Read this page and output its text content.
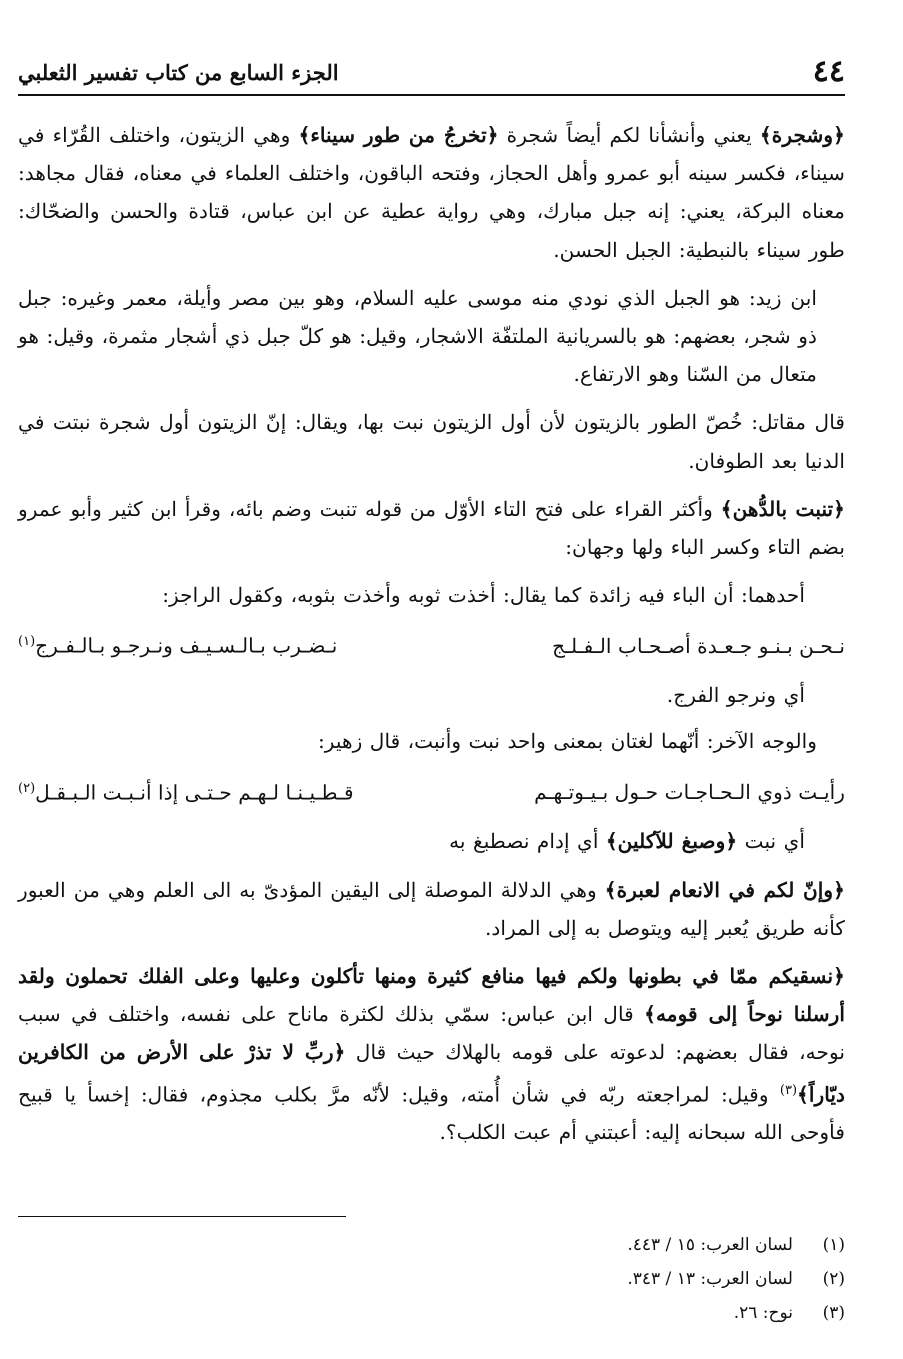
٤٤
الجزء السابع من كتاب تفسير الثعلبي

﴿وشجرة﴾ يعني وأنشأنا لكم أيضاً شجرة ﴿تخرجُ من طور سيناء﴾ وهي الزيتون، واختلف القُرّاء في سيناء، فكسر سينه أبو عمرو وأهل الحجاز، وفتحه الباقون، واختلف العلماء في معناه، فقال مجاهد: معناه البركة، يعني: إنه جبل مبارك، وهي رواية عطية عن ابن عباس، قتادة والحسن والضحّاك: طور سيناء بالنبطية: الجبل الحسن.

ابن زيد: هو الجبل الذي نودي منه موسى عليه السلام، وهو بين مصر وأيلة، معمر وغيره: جبل ذو شجر، بعضهم: هو بالسريانية الملتفّة الاشجار، وقيل: هو كلّ جبل ذي أشجار مثمرة، وقيل: هو متعال من السّنا وهو الارتفاع.

قال مقاتل: خُصّ الطور بالزيتون لأن أول الزيتون نبت بها، ويقال: إنّ الزيتون أول شجرة نبتت في الدنيا بعد الطوفان.

﴿تنبت بالدُّهن﴾ وأكثر القراء على فتح التاء الأوّل من قوله تنبت وضم بائه، وقرأ ابن كثير وأبو عمرو بضم التاء وكسر الباء ولها وجهان:

أحدهما: أن الباء فيه زائدة كما يقال: أخذت ثوبه وأخذت بثوبه، وكقول الراجز:

نـحـن بـنـو جـعـدة أصـحـاب الـفـلـج
نـضـرب بـالـسـيـف ونـرجـو بـالـفـرج$^{(١)}$

أي ونرجو الفرج.

والوجه الآخر: أنّهما لغتان بمعنى واحد نبت وأنبت، قال زهير:

رأيـت ذوي الـحـاجـات حـول بـيـوتـهـم
قـطـيـنـا لـهـم حـتـى إذا أنـبـت الـبـقـل$^{(٢)}$

أي نبت ﴿وصبغ للآكلين﴾ أي إدام نصطبغ به

﴿وإنّ لكم في الانعام لعبرة﴾ وهي الدلالة الموصلة إلى اليقين المؤدىّ به الى العلم وهي من العبور كأنه طريق يُعبر إليه ويتوصل به إلى المراد.

﴿نسقيكم ممّا في بطونها ولكم فيها منافع كثيرة ومنها تأكلون وعليها وعلى الفلك تحملون ولقد أرسلنا نوحاً إلى قومه﴾ قال ابن عباس: سمّي بذلك لكثرة ماناح على نفسه، واختلف في سبب نوحه، فقال بعضهم: لدعوته على قومه بالهلاك حيث قال ﴿ربِّ لا تذرْ على الأرض من الكافرين ديّاراً﴾$^{(٣)}$ وقيل: لمراجعته ربّه في شأن أُمته، وقيل: لأنّه مرَّ بكلب مجذوم، فقال: إخسأ يا قبيح فأوحى الله سبحانه إليه: أعبتني أم عبت الكلب؟.

(١)
لسان العرب: ١٥ / ٤٤٣.
(٢)
لسان العرب: ١٣ / ٣٤٣.
(٣)
نوح: ٢٦.
